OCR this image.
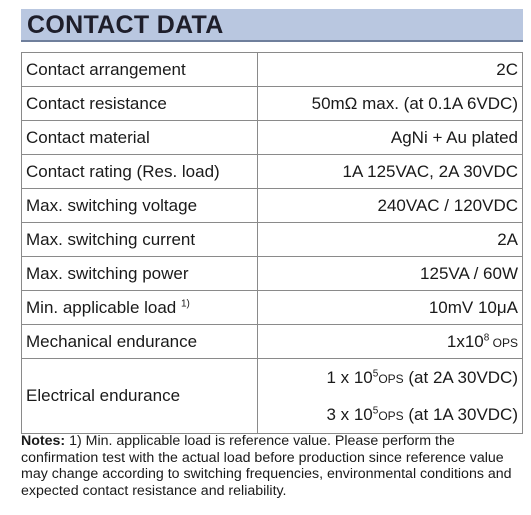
CONTACT DATA
Contact arrangement	2C
Contact resistance	50mΩ max. (at 0.1A 6VDC)
Contact material	AgNi + Au plated
Contact rating (Res. load)	1A 125VAC, 2A 30VDC
Max. switching voltage	240VAC / 120VDC
Max. switching current	2A
Max. switching power	125VA / 60W
Min. applicable load $^{1)}$	10mV 10μA
Mechanical endurance	$1x10^8$ OPS
Electrical endurance	1 x $10^5OPS$ (at 2A 30VDC)
3 x $10^5OPS$ (at 1A 30VDC)
Notes: 1) Min. applicable load is reference value. Please perform the confirmation test with the actual load before production since reference value may change according to switching frequencies, environmental conditions and expected contact resistance and reliability.
